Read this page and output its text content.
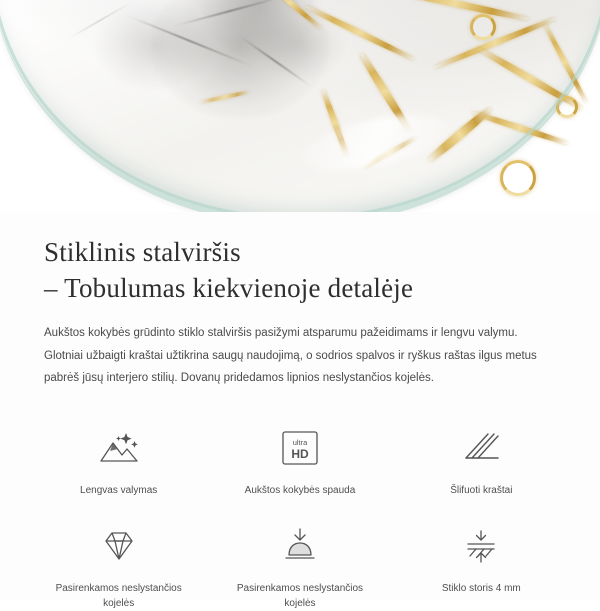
Stiklinis stalviršis
– Tobulumas kiekvienoje detalėje

Aukštos kokybės grūdinto stiklo stalviršis pasižymi atsparumu pažeidimams ir lengvu valymu. Glotniai užbaigti kraštai užtikrina saugų naudojimą, o sodrios spalvos ir ryškus raštas ilgus metus pabrėš jūsų interjero stilių. Dovanų pridedamos lipnios neslystančios kojelės.

Lengvas valymas
ultra
HD
Aukštos kokybės spauda	Šlifuoti kraštai
Pasirenkamos neslystančios kojelės
Pasirenkamos neslystančios kojelės
Stiklo storis 4 mm
